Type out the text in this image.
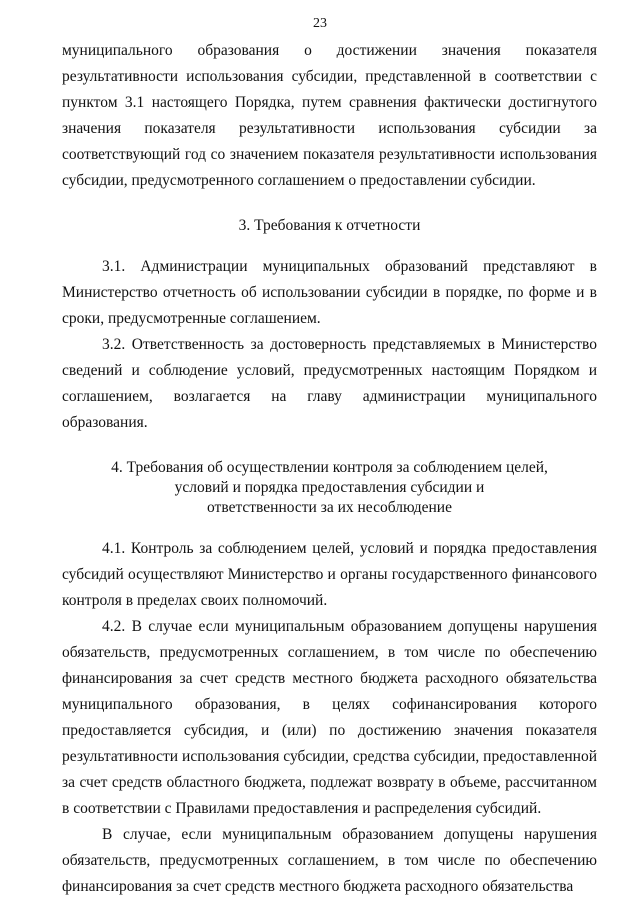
23

муниципального образования о достижении значения показателя результативности использования субсидии, представленной в соответствии с пунктом 3.1 настоящего Порядка, путем сравнения фактически достигнутого значения показателя результативности использования субсидии за соответствующий год со значением показателя результативности использования субсидии, предусмотренного соглашением о предоставлении субсидии.

3. Требования к отчетности

3.1. Администрации муниципальных образований представляют в Министерство отчетность об использовании субсидии в порядке, по форме и в сроки, предусмотренные соглашением.

3.2. Ответственность за достоверность представляемых в Министерство сведений и соблюдение условий, предусмотренных настоящим Порядком и соглашением, возлагается на главу администрации муниципального образования.

4. Требования об осуществлении контроля за соблюдением целей,
условий и порядка предоставления субсидии и
ответственности за их несоблюдение

4.1. Контроль за соблюдением целей, условий и порядка предоставления субсидий осуществляют Министерство и органы государственного финансового контроля в пределах своих полномочий.

4.2. В случае если муниципальным образованием допущены нарушения обязательств, предусмотренных соглашением, в том числе по обеспечению финансирования за счет средств местного бюджета расходного обязательства муниципального образования, в целях софинансирования которого предоставляется субсидия, и (или) по достижению значения показателя результативности использования субсидии, средства субсидии, предоставленной за счет средств областного бюджета, подлежат возврату в объеме, рассчитанном в соответствии с Правилами предоставления и распределения субсидий.

В случае, если муниципальным образованием допущены нарушения обязательств, предусмотренных соглашением, в том числе по обеспечению финансирования за счет средств местного бюджета расходного обязательства
